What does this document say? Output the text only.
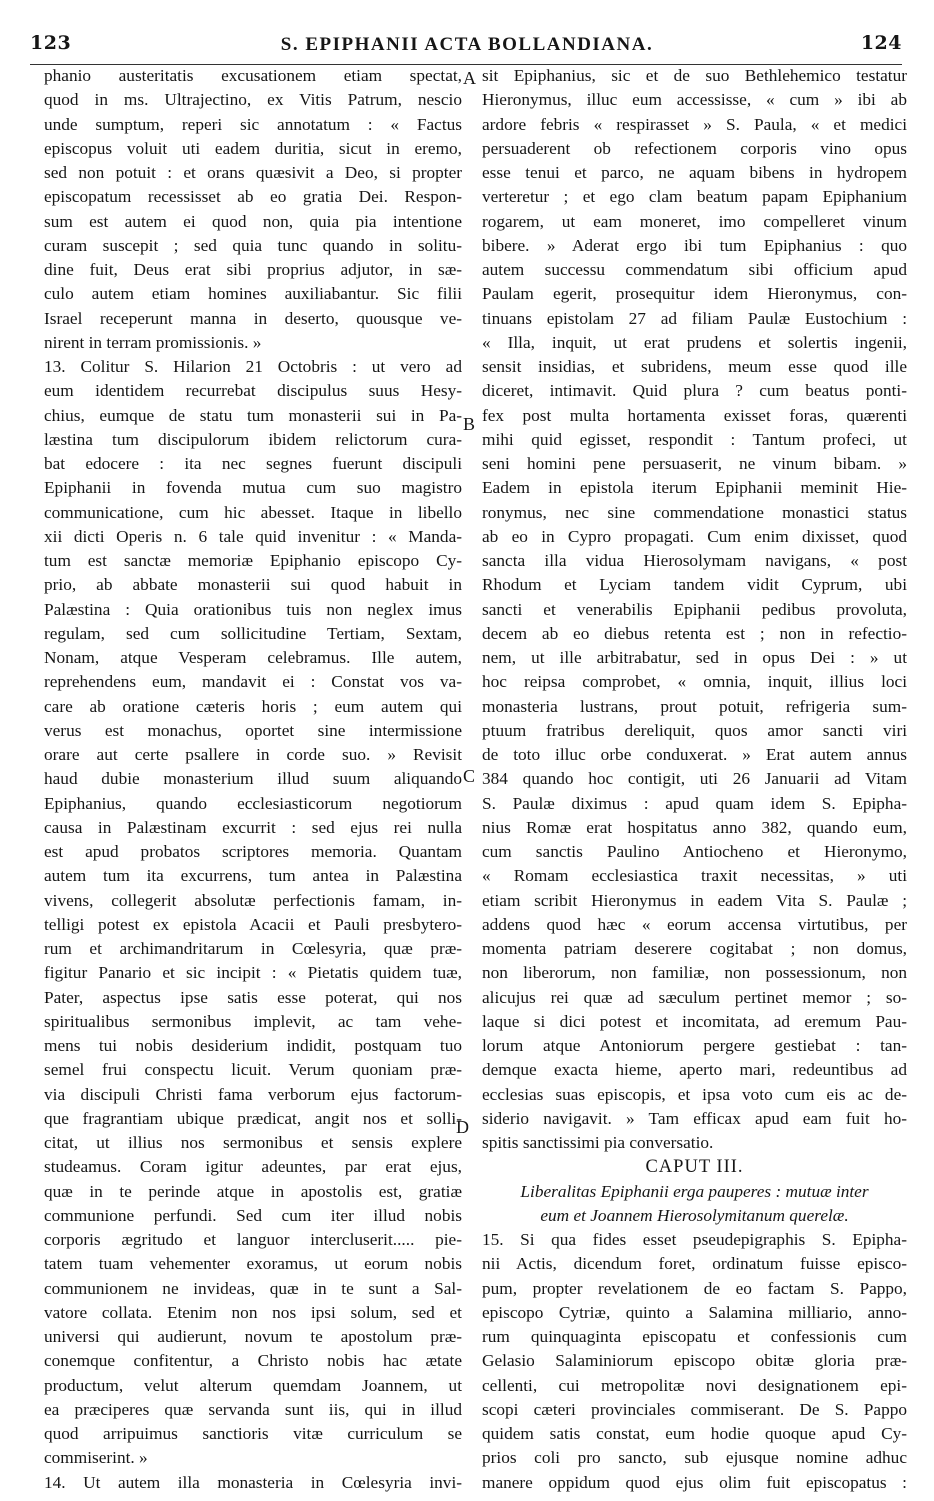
123	S. EPIPHANII ACTA BOLLANDIANA.	124
A
B
C
D
phanio austeritatis excusationem etiam spectat,
quod in ms. Ultrajectino, ex Vitis Patrum, nescio
unde sumptum, reperi sic annotatum : « Factus
episcopus voluit uti eadem duritia, sicut in eremo,
sed non potuit : et orans quæsivit a Deo, si propter
episcopatum recessisset ab eo gratia Dei. Respon-
sum est autem ei quod non, quia pia intentione
curam suscepit ; sed quia tunc quando in solitu-
dine fuit, Deus erat sibi proprius adjutor, in sæ-
culo autem etiam homines auxiliabantur. Sic filii
Israel receperunt manna in deserto, quousque ve-
nirent in terram promissionis. »
13. Colitur S. Hilarion 21 Octobris : ut vero ad
eum identidem recurrebat discipulus suus Hesy-
chius, eumque de statu tum monasterii sui in Pa-
læstina tum discipulorum ibidem relictorum cura-
bat edocere : ita nec segnes fuerunt discipuli
Epiphanii in fovenda mutua cum suo magistro
communicatione, cum hic abesset. Itaque in libello
xii dicti Operis n. 6 tale quid invenitur : « Manda-
tum est sanctæ memoriæ Epiphanio episcopo Cy-
prio, ab abbate monasterii sui quod habuit in
Palæstina : Quia orationibus tuis non neglex imus
regulam, sed cum sollicitudine Tertiam, Sextam,
Nonam, atque Vesperam celebramus. Ille autem,
reprehendens eum, mandavit ei : Constat vos va-
care ab oratione cæteris horis ; eum autem qui
verus est monachus, oportet sine intermissione
orare aut certe psallere in corde suo. » Revisit
haud dubie monasterium illud suum aliquando
Epiphanius, quando ecclesiasticorum negotiorum
causa in Palæstinam excurrit : sed ejus rei nulla
est apud probatos scriptores memoria. Quantam
autem tum ita excurrens, tum antea in Palæstina
vivens, collegerit absolutæ perfectionis famam, in-
telligi potest ex epistola Acacii et Pauli presbytero-
rum et archimandritarum in Cœlesyria, quæ præ-
figitur Panario et sic incipit : « Pietatis quidem tuæ,
Pater, aspectus ipse satis esse poterat, qui nos
spiritualibus sermonibus implevit, ac tam vehe-
mens tui nobis desiderium indidit, postquam tuo
semel frui conspectu licuit. Verum quoniam præ-
via discipuli Christi fama verborum ejus factorum-
que fragrantiam ubique prædicat, angit nos et solli-
citat, ut illius nos sermonibus et sensis explere
studeamus. Coram igitur adeuntes, par erat ejus,
quæ in te perinde atque in apostolis est, gratiæ
communione perfundi. Sed cum iter illud nobis
corporis ægritudo et languor intercluserit..... pie-
tatem tuam vehementer exoramus, ut eorum nobis
communionem ne invideas, quæ in te sunt a Sal-
vatore collata. Etenim non nos ipsi solum, sed et
universi qui audierunt, novum te apostolum præ-
conemque confitentur, a Christo nobis hac ætate
productum, velut alterum quemdam Joannem, ut
ea præciperes quæ servanda sunt iis, qui in illud
quod arripuimus sanctioris vitæ curriculum se
commiserint. »
14. Ut autem illa monasteria in Cœlesyria invi-
sit Epiphanius, sic et de suo Bethlehemico testatur
Hieronymus, illuc eum accessisse, « cum » ibi ab
ardore febris « respirasset » S. Paula, « et medici
persuaderent ob refectionem corporis vino opus
esse tenui et parco, ne aquam bibens in hydropem
verteretur ; et ego clam beatum papam Epiphanium
rogarem, ut eam moneret, imo compelleret vinum
bibere. » Aderat ergo ibi tum Epiphanius : quo
autem successu commendatum sibi officium apud
Paulam egerit, prosequitur idem Hieronymus, con-
tinuans epistolam 27 ad filiam Paulæ Eustochium :
« Illa, inquit, ut erat prudens et solertis ingenii,
sensit insidias, et subridens, meum esse quod ille
diceret, intimavit. Quid plura ? cum beatus ponti-
fex post multa hortamenta exisset foras, quærenti
mihi quid egisset, respondit : Tantum profeci, ut
seni homini pene persuaserit, ne vinum bibam. »
Eadem in epistola iterum Epiphanii meminit Hie-
ronymus, nec sine commendatione monastici status
ab eo in Cypro propagati. Cum enim dixisset, quod
sancta illa vidua Hierosolymam navigans, « post
Rhodum et Lyciam tandem vidit Cyprum, ubi
sancti et venerabilis Epiphanii pedibus provoluta,
decem ab eo diebus retenta est ; non in refectio-
nem, ut ille arbitrabatur, sed in opus Dei : » ut
hoc reipsa comprobet, « omnia, inquit, illius loci
monasteria lustrans, prout potuit, refrigeria sum-
ptuum fratribus dereliquit, quos amor sancti viri
de toto illuc orbe conduxerat. » Erat autem annus
384 quando hoc contigit, uti 26 Januarii ad Vitam
S. Paulæ diximus : apud quam idem S. Epipha-
nius Romæ erat hospitatus anno 382, quando eum,
cum sanctis Paulino Antiocheno et Hieronymo,
« Romam ecclesiastica traxit necessitas, » uti
etiam scribit Hieronymus in eadem Vita S. Paulæ ;
addens quod hæc « eorum accensa virtutibus, per
momenta patriam deserere cogitabat ; non domus,
non liberorum, non familiæ, non possessionum, non
alicujus rei quæ ad sæculum pertinet memor ; so-
laque si dici potest et incomitata, ad eremum Pau-
lorum atque Antoniorum pergere gestiebat : tan-
demque exacta hieme, aperto mari, redeuntibus ad
ecclesias suas episcopis, et ipsa voto cum eis ac de-
siderio navigavit. » Tam efficax apud eam fuit ho-
spitis sanctissimi pia conversatio.
CAPUT III.
Liberalitas Epiphanii erga pauperes : mutuæ inter
eum et Joannem Hierosolymitanum querelæ.
15. Si qua fides esset pseudepigraphis S. Epipha-
nii Actis, dicendum foret, ordinatum fuisse episco-
pum, propter revelationem de eo factam S. Pappo,
episcopo Cytriæ, quinto a Salamina milliario, anno-
rum quinquaginta episcopatu et confessionis cum
Gelasio Salaminiorum episcopo obitæ gloria præ-
cellenti, cui metropolitæ novi designationem epi-
scopi cæteri provinciales commiserant. De S. Pappo
quidem satis constat, eum hodie quoque apud Cy-
prios coli pro sancto, sub ejusque nomine adhuc
manere oppidum quod ejus olim fuit episcopatus :
